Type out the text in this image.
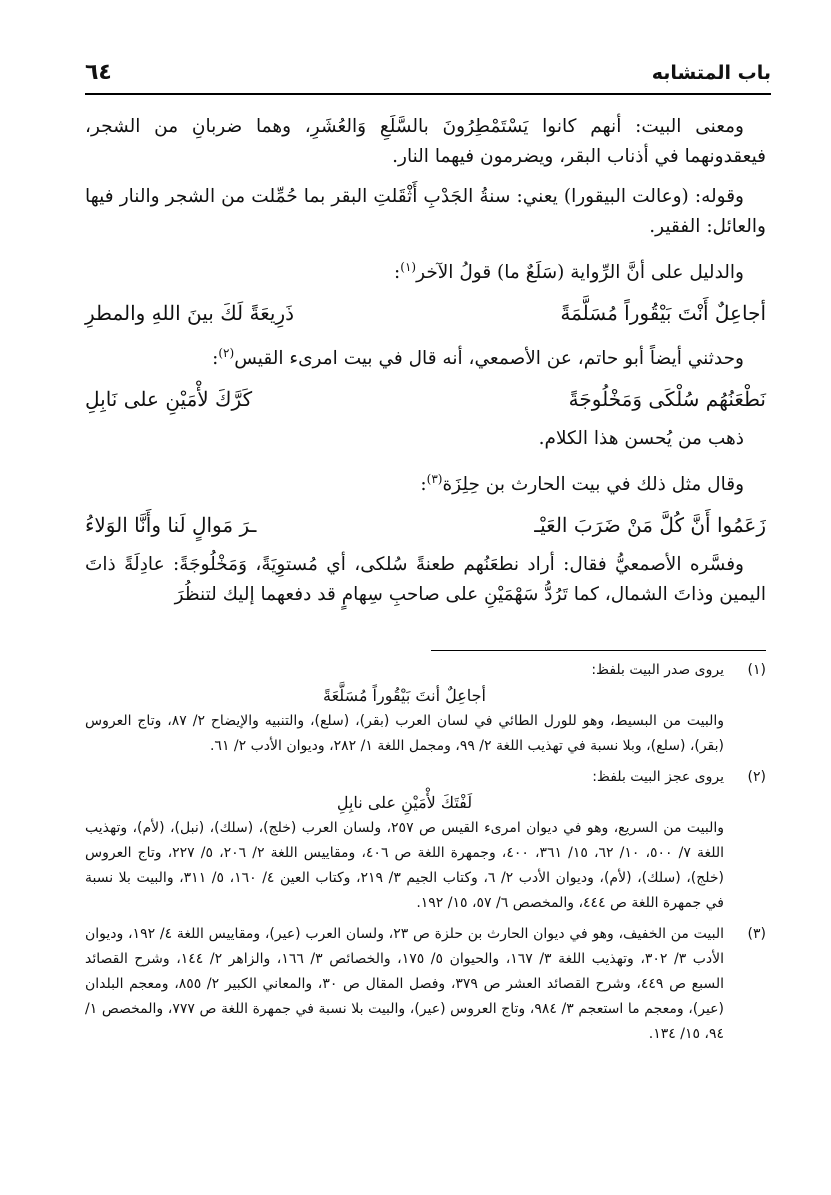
باب المتشابه
٦٤

ومعنى البيت: أنهم كانوا يَسْتَمْطِرُونَ بالسَّلَعِ وَالعُشَرِ، وهما ضربانِ من الشجر، فيعقدونهما في أذناب البقر، ويضرمون فيهما النار.

وقوله: (وعالت البيقورا) يعني: سنةُ الجَدْبِ أَثْقَلتِ البقر بما حُمِّلت من الشجر والنار فيها والعائل: الفقير.

والدليل على أنَّ الرِّواية (سَلَعٌ ما) قولُ الآخر$^{(١)}$:

أجاعِلٌ أَنْتَ بَيْقُوراً مُسَلَّمَةً
ذَرِيعَةً لَكَ بينَ اللهِ والمطرِ

وحدثني أيضاً أبو حاتم، عن الأصمعي، أنه قال في بيت امرىء القيس$^{(٢)}$:

نَطْعَنُهُم سُلْكَى وَمَخْلُوجَةً
كَرَّكَ لأْمَيْنِ على نَابِلِ

ذهب من يُحسن هذا الكلام.

وقال مثل ذلك في بيت الحارث بن حِلِزَة$^{(٣)}$:

زَعَمُوا أَنَّ كُلَّ مَنْ ضَرَبَ العَيْـ
ـرَ مَوالٍ لَنا وأَنَّا الوَلاءُ

وفسَّره الأصمعيُّ فقال: أراد نطعَنُهم طعنةً سُلكى، أي مُستوِيَةً، وَمَخْلُوجَةً: عادِلَةً ذاتَ اليمين وذاتَ الشمال، كما تَرُدُّ سَهْمَيْنِ على صاحبِ سِهامٍ قد دفعهما إليك لتنظُرَ

(١)
يروى صدر البيت بلفظ:
أجاعِلٌ أنتَ بَيْقُوراً مُسَلَّعَةً
والبيت من البسيط، وهو للورل الطائي في لسان العرب (بقر)، (سلع)، والتنبيه والإيضاح ٢/ ٨٧، وتاج العروس (بقر)، (سلع)، وبلا نسبة في تهذيب اللغة ٢/ ٩٩، ومجمل اللغة ١/ ٢٨٢، وديوان الأدب ٢/ ٦١.
(٢)
يروى عجز البيت بلفظ:
لَفْتَكَ لأْمَيْنِ على نابِلِ
والبيت من السريع، وهو في ديوان امرىء القيس ص ٢٥٧، ولسان العرب (خلج)، (سلك)، (نبل)، (لأم)، وتهذيب اللغة ٧/ ٥٠٠، ١٠/ ٦٢، ١٥/ ٣٦١، ٤٠٠، وجمهرة اللغة ص ٤٠٦، ومقاييس اللغة ٢/ ٢٠٦، ٥/ ٢٢٧، وتاج العروس (خلج)، (سلك)، (لأم)، وديوان الأدب ٢/ ٦، وكتاب الجيم ٣/ ٢١٩، وكتاب العين ٤/ ١٦٠، ٥/ ٣١١، والبيت بلا نسبة في جمهرة اللغة ص ٤٤٤، والمخصص ٦/ ٥٧، ١٥/ ١٩٢.
(٣)
البيت من الخفيف، وهو في ديوان الحارث بن حلزة ص ٢٣، ولسان العرب (عير)، ومقاييس اللغة ٤/ ١٩٢، وديوان الأدب ٣/ ٣٠٢، وتهذيب اللغة ٣/ ١٦٧، والحيوان ٥/ ١٧٥، والخصائص ٣/ ١٦٦، والزاهر ٢/ ١٤٤، وشرح القصائد السبع ص ٤٤٩، وشرح القصائد العشر ص ٣٧٩، وفصل المقال ص ٣٠، والمعاني الكبير ٢/ ٨٥٥، ومعجم البلدان (عير)، ومعجم ما استعجم ٣/ ٩٨٤، وتاج العروس (عير)، والبيت بلا نسبة في جمهرة اللغة ص ٧٧٧، والمخصص ١/ ٩٤، ١٥/ ١٣٤.
